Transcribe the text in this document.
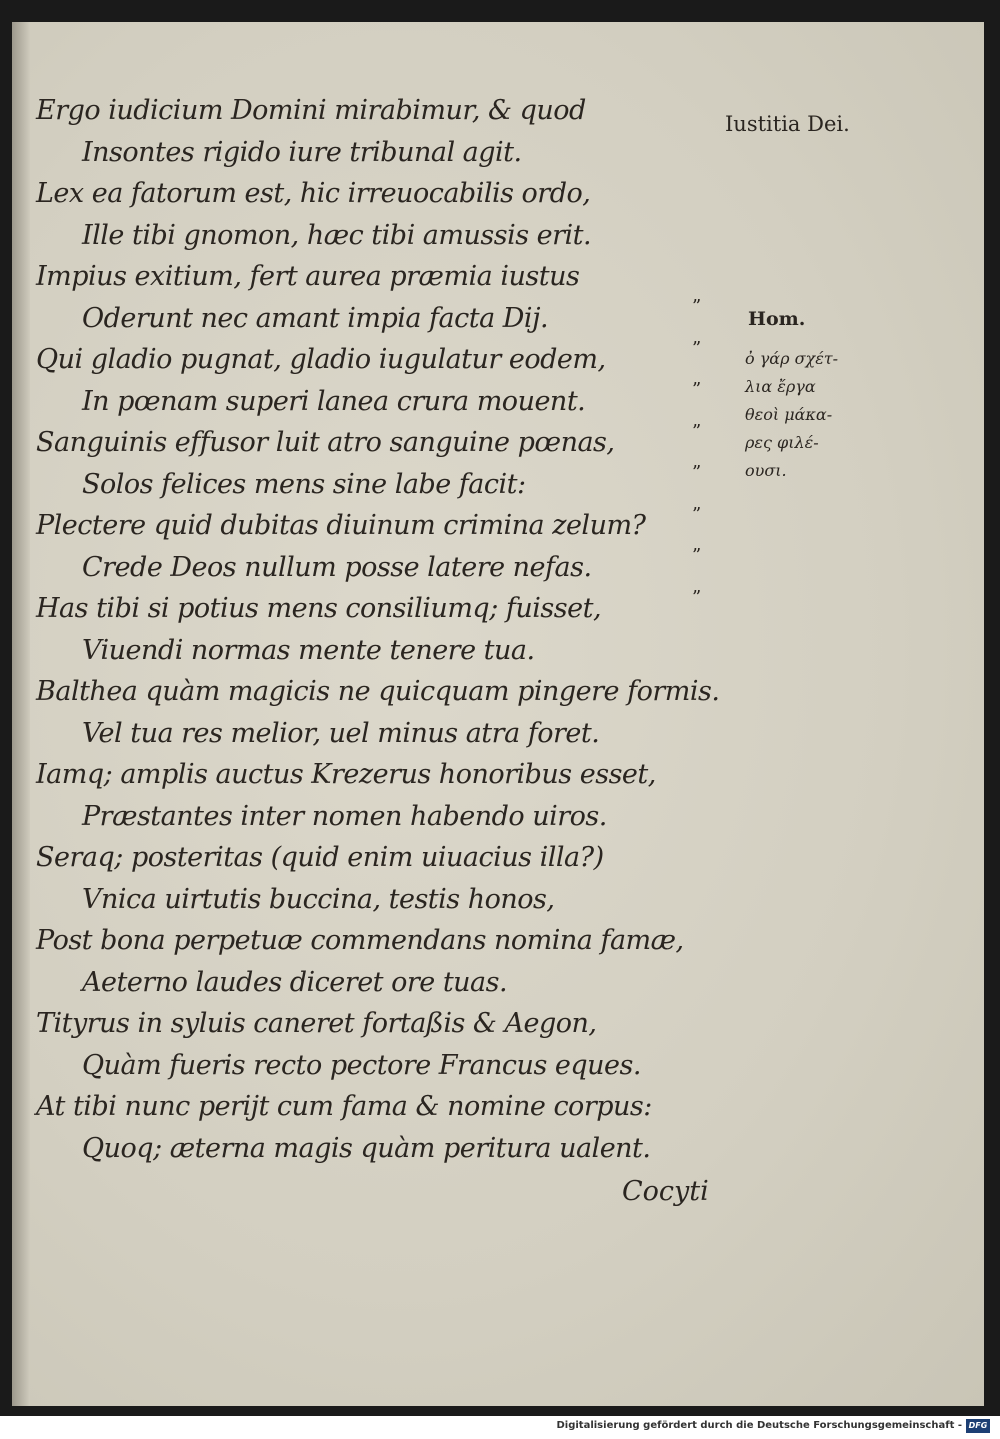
Ergo iudicium Domini mirabimur, & quod
Insontes rigido iure tribunal agit.
Lex ea fatorum est, hic irreuocabilis ordo,
Ille tibi gnomon, hæc tibi amussis erit.
Impius exitium, fert aurea præmia iustus
Oderunt nec amant impia facta Dij.
Qui gladio pugnat, gladio iugulatur eodem,
In pœnam superi lanea crura mouent.
Sanguinis effusor luit atro sanguine pœnas,
Solos felices mens sine labe facit:
Plectere quid dubitas diuinum crimina zelum?
Crede Deos nullum posse latere nefas.
Has tibi si potius mens consiliumq; fuisset,
Viuendi normas mente tenere tua.
Balthea quàm magicis ne quicquam pingere formis.
Vel tua res melior, uel minus atra foret.
Iamq; amplis auctus Krezerus honoribus esset,
Præstantes inter nomen habendo uiros.
Seraq; posteritas (quid enim uiuacius illa?)
Vnica uirtutis buccina, testis honos,
Post bona perpetuæ commendans nomina famæ,
Aeterno laudes diceret ore tuas.
Tityrus in syluis caneret fortaßis & Aegon,
Quàm fueris recto pectore Francus eques.
At tibi nunc perijt cum fama & nomine corpus:
Quoq; æterna magis quàm peritura ualent.
Iustitia Dei.
Hom.
ὀ γάρ σχέτ-
λια ἔργα
θεοὶ μάκα-
ρες φιλέ-
ουσι.
”
”
”
”
”
”
”
”
Cocyti
Digitalisierung gefördert durch die Deutsche Forschungsgemeinschaft - DFG
